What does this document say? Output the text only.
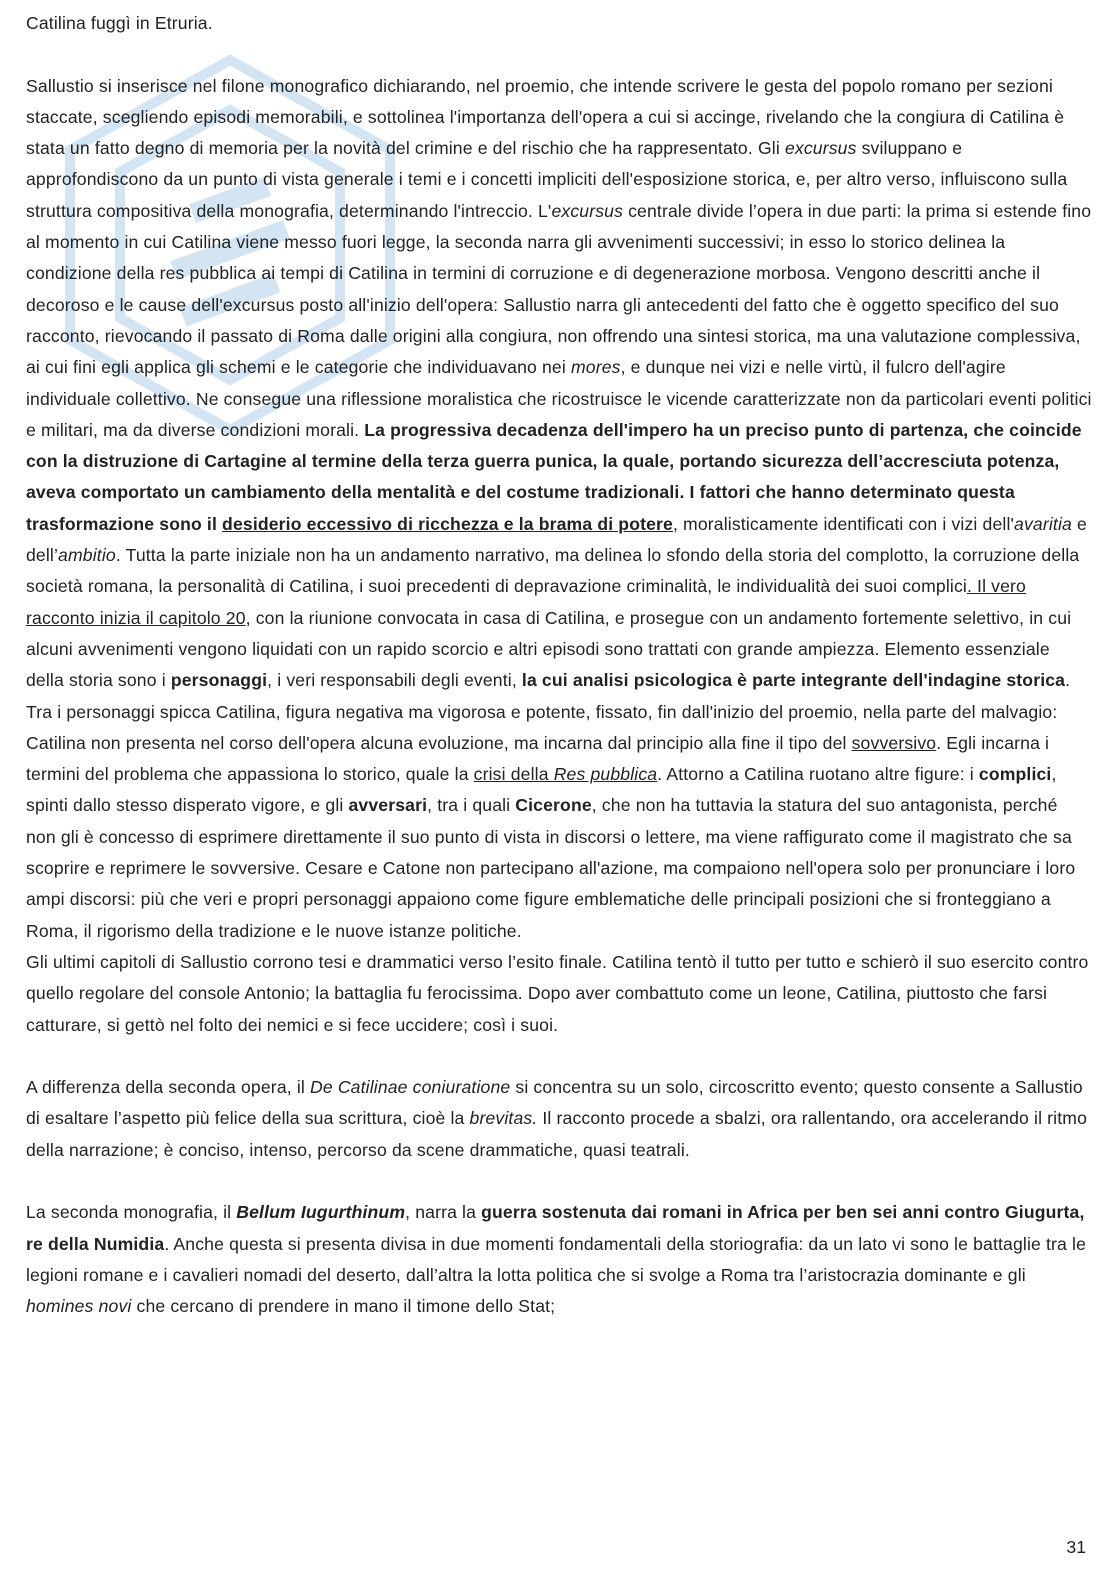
Catilina fuggì in Etruria.

Sallustio si inserisce nel filone monografico dichiarando, nel proemio, che intende scrivere le gesta del popolo romano per sezioni staccate, scegliendo episodi memorabili, e sottolinea l'importanza dell'opera a cui si accinge, rivelando che la congiura di Catilina è stata un fatto degno di memoria per la novità del crimine e del rischio che ha rappresentato. Gli excursus sviluppano e approfondiscono da un punto di vista generale i temi e i concetti impliciti dell'esposizione storica, e, per altro verso, influiscono sulla struttura compositiva della monografia, determinando l'intreccio. L'excursus centrale divide l’opera in due parti: la prima si estende fino al momento in cui Catilina viene messo fuori legge, la seconda narra gli avvenimenti successivi; in esso lo storico delinea la condizione della res pubblica ai tempi di Catilina in termini di corruzione e di degenerazione morbosa. Vengono descritti anche il decoroso e le cause dell'excursus posto all'inizio dell'opera: Sallustio narra gli antecedenti del fatto che è oggetto specifico del suo racconto, rievocando il passato di Roma dalle origini alla congiura, non offrendo una sintesi storica, ma una valutazione complessiva, ai cui fini egli applica gli schemi e le categorie che individuavano nei mores, e dunque nei vizi e nelle virtù, il fulcro dell'agire individuale collettivo. Ne consegue una riflessione moralistica che ricostruisce le vicende caratterizzate non da particolari eventi politici e militari, ma da diverse condizioni morali. La progressiva decadenza dell'impero ha un preciso punto di partenza, che coincide con la distruzione di Cartagine al termine della terza guerra punica, la quale, portando sicurezza dell’accresciuta potenza, aveva comportato un cambiamento della mentalità e del costume tradizionali. I fattori che hanno determinato questa trasformazione sono il desiderio eccessivo di ricchezza e la brama di potere, moralisticamente identificati con i vizi dell'avaritia e dell’ambitio. Tutta la parte iniziale non ha un andamento narrativo, ma delinea lo sfondo della storia del complotto, la corruzione della società romana, la personalità di Catilina, i suoi precedenti di depravazione criminalità, le individualità dei suoi complici. Il vero racconto inizia il capitolo 20, con la riunione convocata in casa di Catilina, e prosegue con un andamento fortemente selettivo, in cui alcuni avvenimenti vengono liquidati con un rapido scorcio e altri episodi sono trattati con grande ampiezza. Elemento essenziale della storia sono i personaggi, i veri responsabili degli eventi, la cui analisi psicologica è parte integrante dell'indagine storica. Tra i personaggi spicca Catilina, figura negativa ma vigorosa e potente, fissato, fin dall'inizio del proemio, nella parte del malvagio: Catilina non presenta nel corso dell'opera alcuna evoluzione, ma incarna dal principio alla fine il tipo del sovversivo. Egli incarna i termini del problema che appassiona lo storico, quale la crisi della Res pubblica. Attorno a Catilina ruotano altre figure: i complici, spinti dallo stesso disperato vigore, e gli avversari, tra i quali Cicerone, che non ha tuttavia la statura del suo antagonista, perché non gli è concesso di esprimere direttamente il suo punto di vista in discorsi o lettere, ma viene raffigurato come il magistrato che sa scoprire e reprimere le sovversive. Cesare e Catone non partecipano all'azione, ma compaiono nell'opera solo per pronunciare i loro ampi discorsi: più che veri e propri personaggi appaiono come figure emblematiche delle principali posizioni che si fronteggiano a Roma, il rigorismo della tradizione e le nuove istanze politiche.

Gli ultimi capitoli di Sallustio corrono tesi e drammatici verso l’esito finale. Catilina tentò il tutto per tutto e schierò il suo esercito contro quello regolare del console Antonio; la battaglia fu ferocissima. Dopo aver combattuto come un leone, Catilina, piuttosto che farsi catturare, si gettò nel folto dei nemici e si fece uccidere; così i suoi.

A differenza della seconda opera, il De Catilinae coniuratione si concentra su un solo, circoscritto evento; questo consente a Sallustio di esaltare l’aspetto più felice della sua scrittura, cioè la brevitas. Il racconto procede a sbalzi, ora rallentando, ora accelerando il ritmo della narrazione; è conciso, intenso, percorso da scene drammatiche, quasi teatrali.

La seconda monografia, il Bellum Iugurthinum, narra la guerra sostenuta dai romani in Africa per ben sei anni contro Giugurta, re della Numidia. Anche questa si presenta divisa in due momenti fondamentali della storiografia: da un lato vi sono le battaglie tra le legioni romane e i cavalieri nomadi del deserto, dall’altra la lotta politica che si svolge a Roma tra l’aristocrazia dominante e gli homines novi che cercano di prendere in mano il timone dello Stat;

31
